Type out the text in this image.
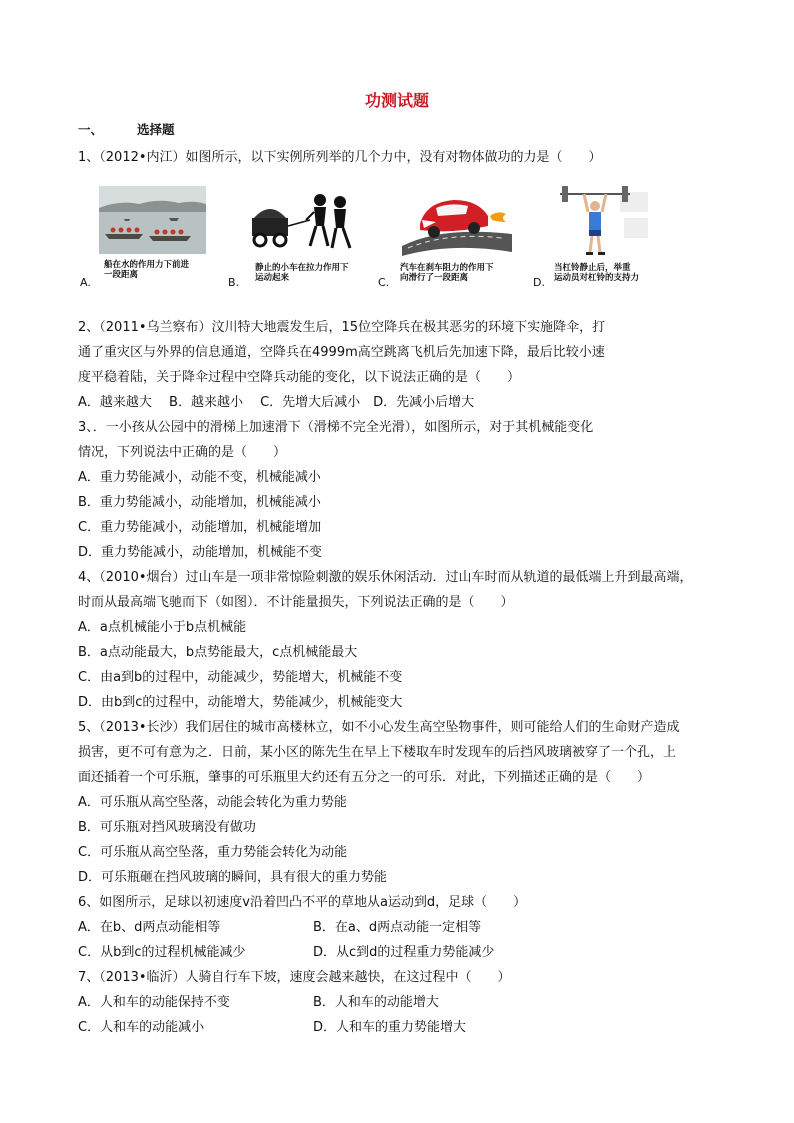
功测试题
一、	选择题
1、（2012•内江）如图所示，以下实例所列举的几个力中，没有对物体做功的力是（　　）
船在水的作用力下前进
一段距离
A.
静止的小车在拉力作用下
运动起来
B.
汽车在刹车阻力的作用下
向滑行了一段距离
C.
当杠铃静止后，举重
运动员对杠铃的支持力
D.
2、（2011•乌兰察布）汶川特大地震发生后，15位空降兵在极其恶劣的环境下实施降伞，打
通了重灾区与外界的信息通道，空降兵在4999m高空跳离飞机后先加速下降，最后比较小速
度平稳着陆，关于降伞过程中空降兵动能的变化，以下说法正确的是（　　）
A．越来越大　 B．越来越小　 C．先增大后减小　D．先减小后增大
3、．一小孩从公园中的滑梯上加速滑下（滑梯不完全光滑），如图所示，对于其机械能变化
情况，下列说法中正确的是（　　）
A．重力势能减小，动能不变，机械能减小
B．重力势能减小，动能增加，机械能减小
C．重力势能减小，动能增加，机械能增加
D．重力势能减小，动能增加，机械能不变
4、（2010•烟台）过山车是一项非常惊险刺激的娱乐休闲活动．过山车时而从轨道的最低端上升到最高端，
时而从最高端飞驰而下（如图）．不计能量损失，下列说法正确的是（　　）
A．a点机械能小于b点机械能
B．a点动能最大，b点势能最大，c点机械能最大
C．由a到b的过程中，动能减少，势能增大，机械能不变
D．由b到c的过程中，动能增大，势能减少，机械能变大
5、（2013•长沙）我们居住的城市高楼林立，如不小心发生高空坠物事件，则可能给人们的生命财产造成
损害，更不可有意为之．日前，某小区的陈先生在早上下楼取车时发现车的后挡风玻璃被穿了一个孔，上
面还插着一个可乐瓶，肇事的可乐瓶里大约还有五分之一的可乐．对此，下列描述正确的是（　　）
A．可乐瓶从高空坠落，动能会转化为重力势能
B．可乐瓶对挡风玻璃没有做功
C．可乐瓶从高空坠落，重力势能会转化为动能
D．可乐瓶砸在挡风玻璃的瞬间，具有很大的重力势能
6、如图所示，足球以初速度v沿着凹凸不平的草地从a运动到d，足球（　　）
A．在b、d两点动能相等	B．在a、d两点动能一定相等
C．从b到c的过程机械能减少	D．从c到d的过程重力势能减少
7、（2013•临沂）人骑自行车下坡，速度会越来越快，在这过程中（　　）
A．人和车的动能保持不变	B．人和车的动能增大
C．人和车的动能减小	D．人和车的重力势能增大
